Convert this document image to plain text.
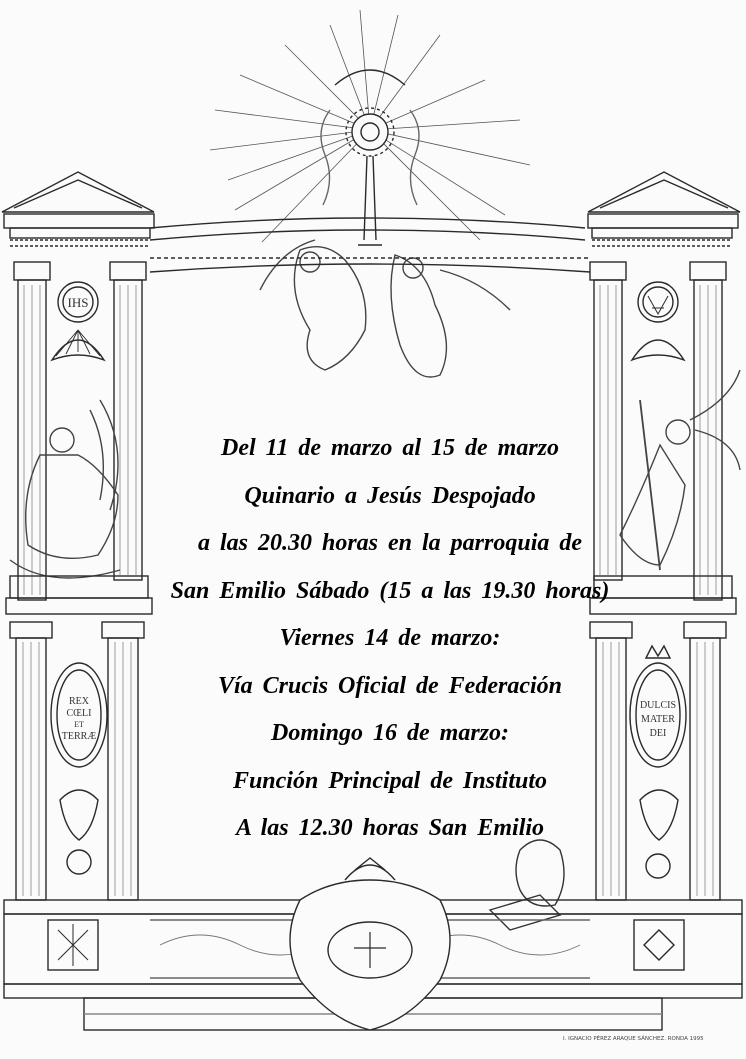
IHS
REX
CŒLI
ET
TERRÆ
DULCIS
MATER
DEI
Del 11 de marzo al 15 de marzo
Quinario a Jesús Despojado
a las 20.30 horas en la parroquia de
San Emilio Sábado (15 a las 19.30 horas)
Viernes 14 de marzo:
Vía Crucis Oficial de Federación
Domingo 16 de marzo:
Función Principal de Instituto
A las 12.30 horas San Emilio
I. IGNACIO PÉREZ ARAQUE SÁNCHEZ. RONDA 1995
